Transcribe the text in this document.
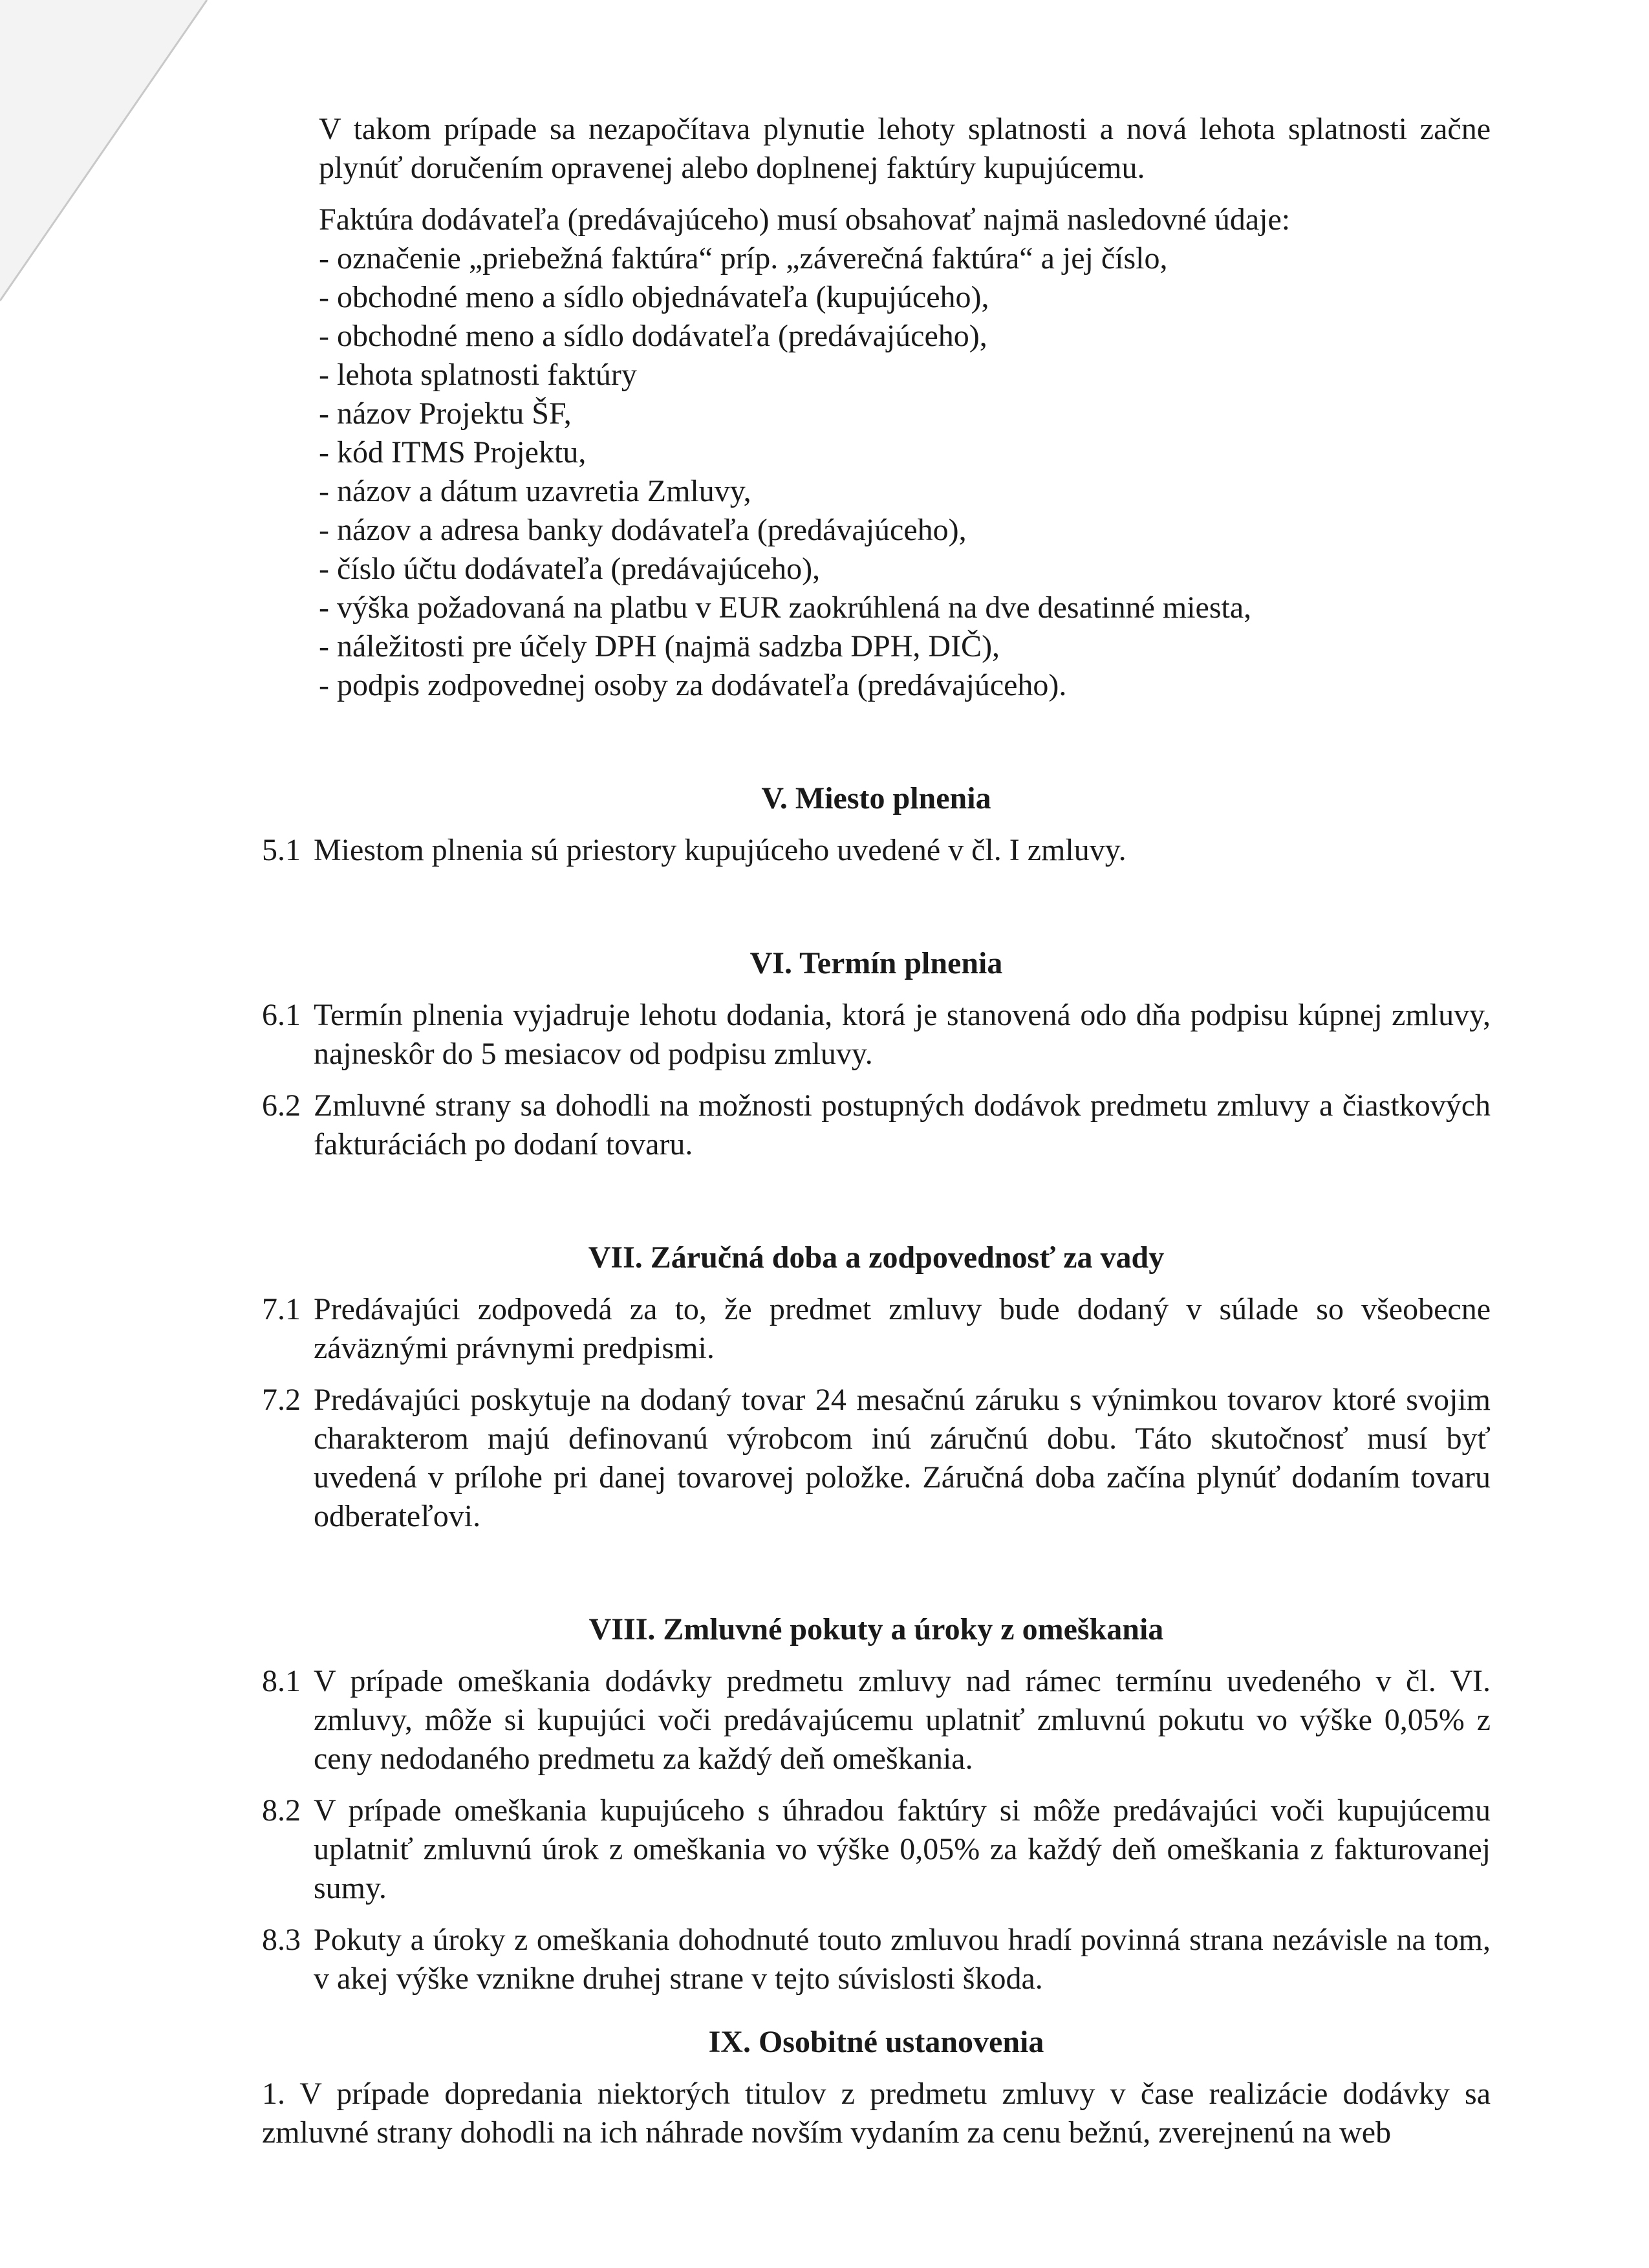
V takom prípade sa nezapočítava plynutie lehoty splatnosti a nová lehota splatnosti začne plynúť doručením opravenej alebo doplnenej faktúry kupujúcemu.

Faktúra dodávateľa (predávajúceho) musí obsahovať najmä nasledovné údaje:

- označenie „priebežná faktúra“ príp. „záverečná faktúra“ a jej číslo,
- obchodné meno a sídlo objednávateľa (kupujúceho),
- obchodné meno a sídlo dodávateľa (predávajúceho),
- lehota splatnosti faktúry
- názov Projektu ŠF,
- kód ITMS Projektu,
- názov a dátum uzavretia Zmluvy,
- názov a adresa banky dodávateľa (predávajúceho),
- číslo účtu dodávateľa (predávajúceho),
- výška požadovaná na platbu v EUR zaokrúhlená na dve desatinné miesta,
- náležitosti pre účely DPH (najmä sadzba DPH, DIČ),
- podpis zodpovednej osoby za dodávateľa (predávajúceho).
V. Miesto plnenia
5.1 Miestom plnenia sú priestory kupujúceho uvedené v čl. I zmluvy.
VI. Termín plnenia
6.1 Termín plnenia vyjadruje lehotu dodania, ktorá je stanovená odo dňa podpisu kúpnej zmluvy, najneskôr do 5 mesiacov od podpisu zmluvy.
6.2 Zmluvné strany sa dohodli na možnosti postupných dodávok predmetu zmluvy a čiastkových fakturáciách po dodaní tovaru.
VII. Záručná doba a zodpovednosť za vady
7.1 Predávajúci zodpovedá za to, že predmet zmluvy bude dodaný v súlade so všeobecne záväznými právnymi predpismi.
7.2 Predávajúci poskytuje na dodaný tovar 24 mesačnú záruku s výnimkou tovarov ktoré svojim charakterom majú definovanú výrobcom inú záručnú dobu. Táto skutočnosť musí byť uvedená v prílohe pri danej tovarovej položke. Záručná doba začína plynúť dodaním tovaru odberateľovi.
VIII. Zmluvné pokuty a úroky z omeškania
8.1 V prípade omeškania dodávky predmetu zmluvy nad rámec termínu uvedeného v čl. VI. zmluvy, môže si kupujúci voči predávajúcemu uplatniť zmluvnú pokutu vo výške 0,05% z ceny nedodaného predmetu za každý deň omeškania.
8.2 V prípade omeškania kupujúceho s úhradou faktúry si môže predávajúci voči kupujúcemu uplatniť zmluvnú úrok z omeškania vo výške 0,05% za každý deň omeškania z fakturovanej sumy.
8.3 Pokuty a úroky z omeškania dohodnuté touto zmluvou hradí povinná strana nezávisle na tom, v akej výške vznikne druhej strane v tejto súvislosti škoda.
IX. Osobitné ustanovenia

1. V prípade dopredania niektorých titulov z predmetu zmluvy v čase realizácie dodávky sa zmluvné strany dohodli na ich náhrade novším vydaním za cenu bežnú, zverejnenú na web
